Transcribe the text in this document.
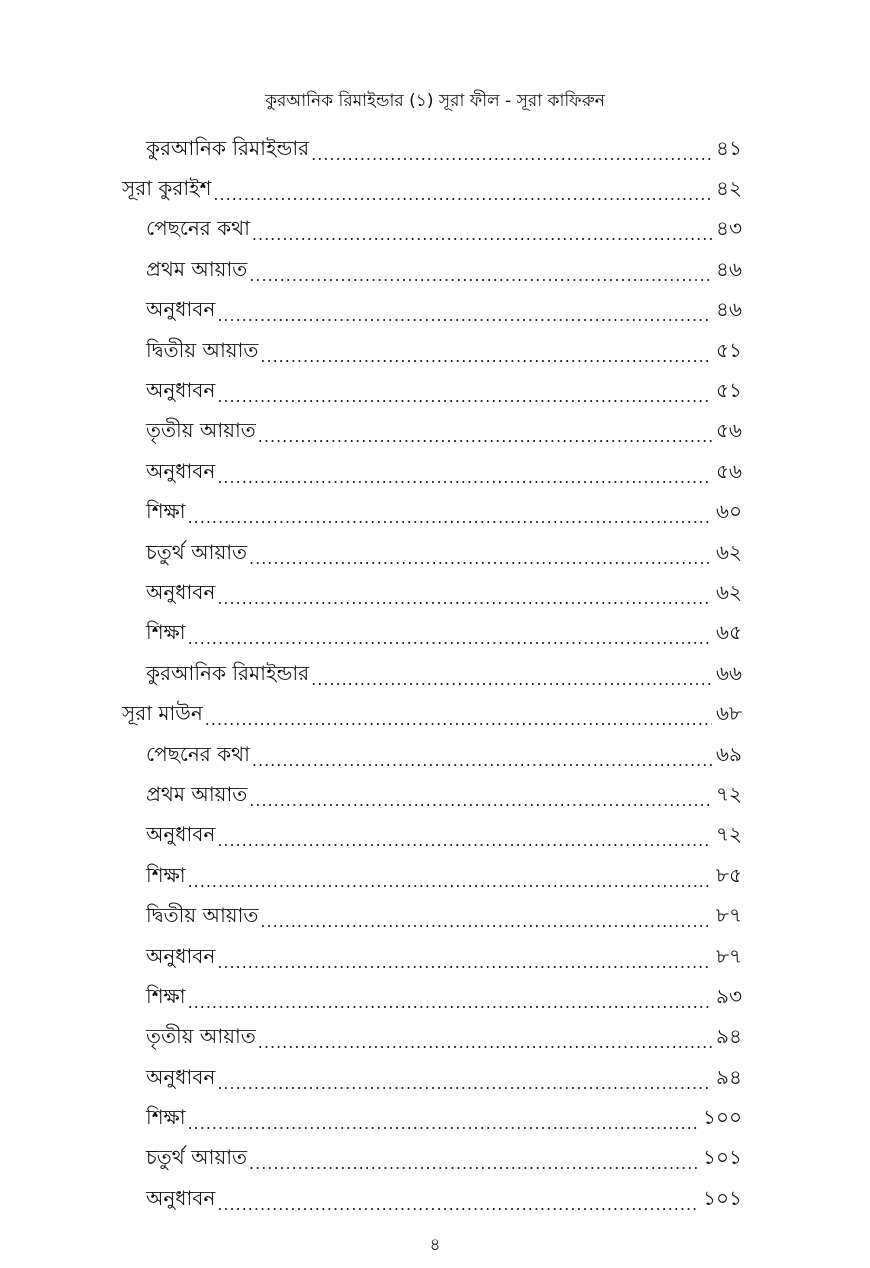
কুরআনিক রিমাইন্ডার (১) সূরা ফীল - সূরা কাফিরুন
কুরআনিক রিমাইন্ডার .....	৪১
সূরা কুরাইশ .....	৪২
পেছনের কথা .....	৪৩
প্রথম আয়াত .....	৪৬
অনুধাবন .....	৪৬
দ্বিতীয় আয়াত .....	৫১
অনুধাবন .....	৫১
তৃতীয় আয়াত .....	৫৬
অনুধাবন .....	৫৬
শিক্ষা .....	৬০
চতুর্থ আয়াত .....	৬২
অনুধাবন .....	৬২
শিক্ষা .....	৬৫
কুরআনিক রিমাইন্ডার .....	৬৬
সূরা মাউন .....	৬৮
পেছনের কথা .....	৬৯
প্রথম আয়াত .....	৭২
অনুধাবন .....	৭২
শিক্ষা .....	৮৫
দ্বিতীয় আয়াত .....	৮৭
অনুধাবন .....	৮৭
শিক্ষা .....	৯৩
তৃতীয় আয়াত .....	৯৪
অনুধাবন .....	৯৪
শিক্ষা .....	১০০
চতুর্থ আয়াত .....	১০১
অনুধাবন .....	১০১
৪
